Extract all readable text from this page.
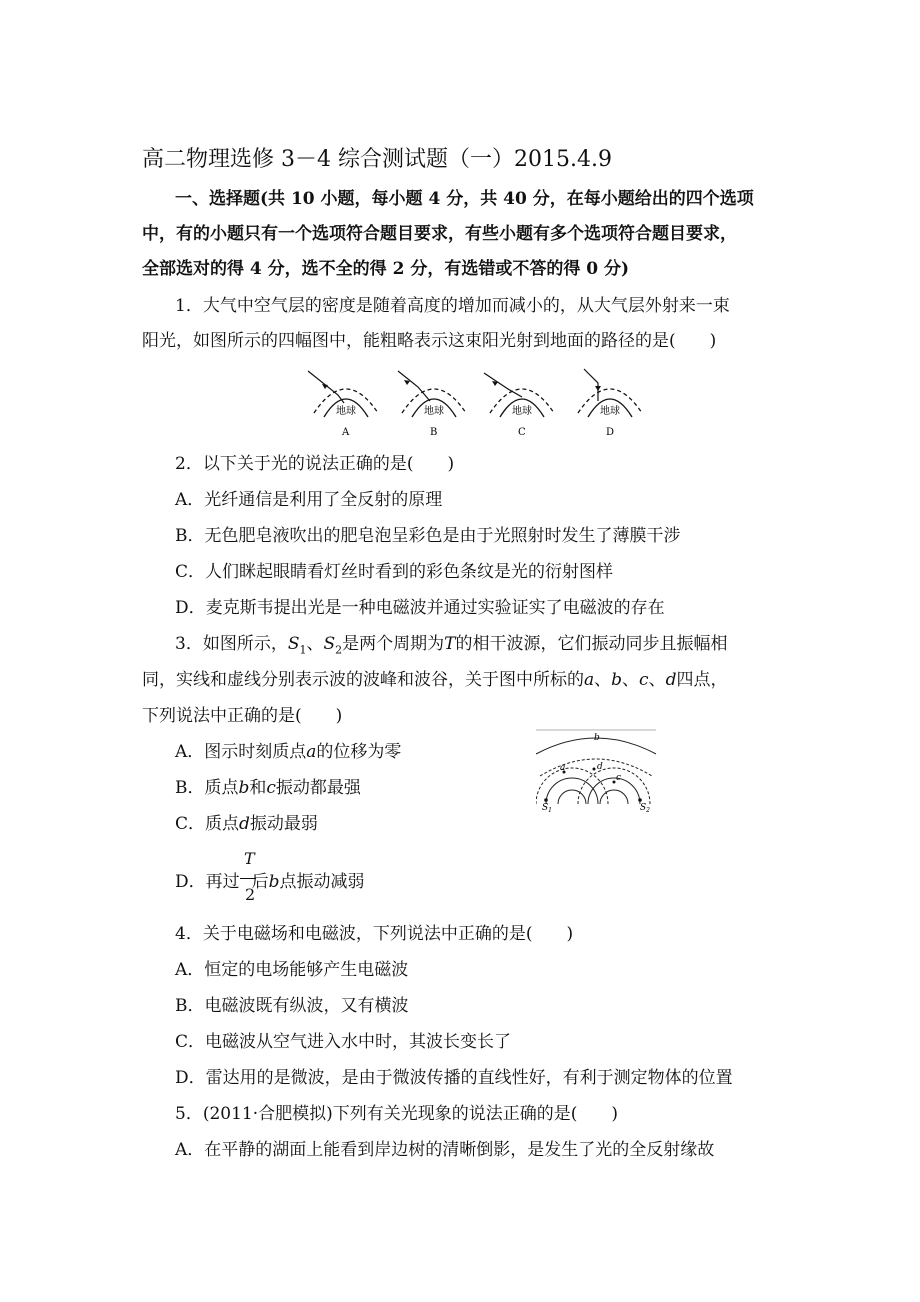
高二物理选修 3－4 综合测试题（一）2015.4.9
一、选择题(共 10 小题，每小题 4 分，共 40 分，在每小题给出的四个选项
中，有的小题只有一个选项符合题目要求，有些小题有多个选项符合题目要求，
全部选对的得 4 分，选不全的得 2 分，有选错或不答的得 0 分)
1．大气中空气层的密度是随着高度的增加而减小的，从大气层外射来一束
阳光，如图所示的四幅图中，能粗略表示这束阳光射到地面的路径的是(　　)
地球
A
地球
B
地球
C
地球
D
2．以下关于光的说法正确的是(　　)
A．光纤通信是利用了全反射的原理
B．无色肥皂液吹出的肥皂泡呈彩色是由于光照射时发生了薄膜干涉
C．人们眯起眼睛看灯丝时看到的彩色条纹是光的衍射图样
D．麦克斯韦提出光是一种电磁波并通过实验证实了电磁波的存在
3．如图所示，$S_1$、$S_2$是两个周期为T的相干波源，它们振动同步且振幅相
同，实线和虚线分别表示波的波峰和波谷，关于图中所标的a、b、c、d四点，
下列说法中正确的是(　　)
A．图示时刻质点a的位移为零
B．质点b和c振动都最强
C．质点d振动最弱
D．再过 后b点振动减弱
T
2
$S_1$	$S_2$
a
b
d
c
4．关于电磁场和电磁波，下列说法中正确的是(　　)
A．恒定的电场能够产生电磁波
B．电磁波既有纵波，又有横波
C．电磁波从空气进入水中时，其波长变长了
D．雷达用的是微波，是由于微波传播的直线性好，有利于测定物体的位置
5．(2011·合肥模拟)下列有关光现象的说法正确的是(　　)
A．在平静的湖面上能看到岸边树的清晰倒影，是发生了光的全反射缘故
